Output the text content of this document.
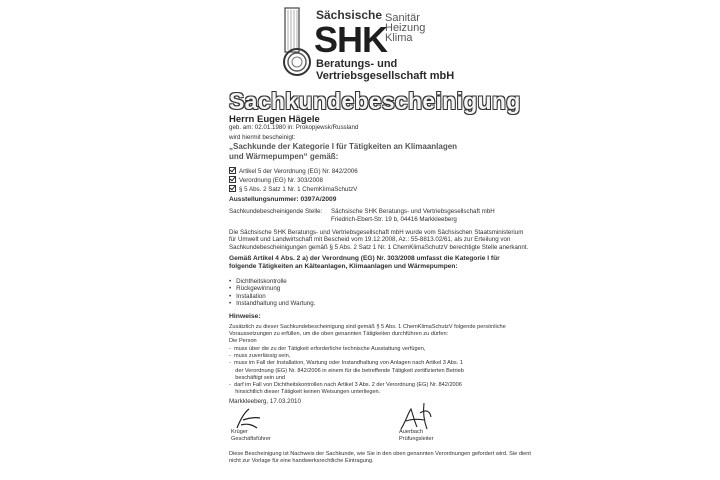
Sächsische
SHK
Sanitär
Heizung
Klima
Beratungs- und
Vertriebsgesellschaft mbH
Sachkundebescheinigung
Herrn Eugen Hägele
geb. am: 02.01.1980 in: Prokopjewsk/Russland
wird hiermit bescheinigt:
„Sachkunde der Kategorie I für Tätigkeiten an Klimaanlagen
und Wärmepumpen“ gemäß:
Artikel 5 der Verordnung (EG) Nr. 842/2006
Verordnung (EG) Nr. 303/2008
§ 5 Abs. 2 Satz 1 Nr. 1 ChemKlimaSchutzV
Ausstellungsnummer: 0397A/2009
Sachkundebescheinigende Stelle: Sächsische SHK Beratungs- und Vertriebsgesellschaft mbH
Friedrich-Ebert-Str. 19 b, 04416 Markkleeberg
Die Sächsische SHK Beratungs- und Vertriebsgesellschaft mbH wurde vom Sächsischen Staatsministerium
für Umwelt und Landwirtschaft mit Bescheid vom 19.12.2008, Az.: 55-8813.02/61, als zur Erteilung von
Sachkundebescheinigungen gemäß § 5 Abs. 2 Satz 1 Nr. 1 ChemKlimaSchutzV berechtigte Stelle anerkannt.
Gemäß Artikel 4 Abs. 2 a) der Verordnung (EG) Nr. 303/2008 umfasst die Kategorie I für
folgende Tätigkeiten an Kälteanlagen, Klimaanlagen und Wärmepumpen:
• Dichtheitskontrolle
• Rückgewinnung
• Installation
• Instandhaltung und Wartung.
Hinweise:
Zusätzlich zu dieser Sachkundebescheinigung sind gemäß § 5 Abs. 1 ChemKlimaSchutzV folgende persönliche
Voraussetzungen zu erfüllen, um die oben genannten Tätigkeiten durchführen zu dürfen:
Die Person
-  muss über die zu der Tätigkeit erforderliche technische Ausstattung verfügen,
-  muss zuverlässig sein,
-  muss im Fall der Installation, Wartung oder Instandhaltung von Anlagen nach Artikel 3 Abs. 1
der Verordnung (EG) Nr. 842/2006 in einem für die betreffende Tätigkeit zertifizierten Betrieb
beschäftigt sein und
-  darf im Fall von Dichtheitskontrollen nach Artikel 3 Abs. 2 der Verordnung (EG) Nr. 842/2006
hinsichtlich dieser Tätigkeit keinen Weisungen unterliegen.
Markkleeberg, 17.03.2010
Krüger
Geschäftsführer
Auerbach
Prüfungsleiter
Diese Bescheinigung ist Nachweis der Sachkunde, wie Sie in den oben genannten Verordnungen gefordert wird. Sie dient
nicht zur Vorlage für eine handwerksrechtliche Eintragung.
